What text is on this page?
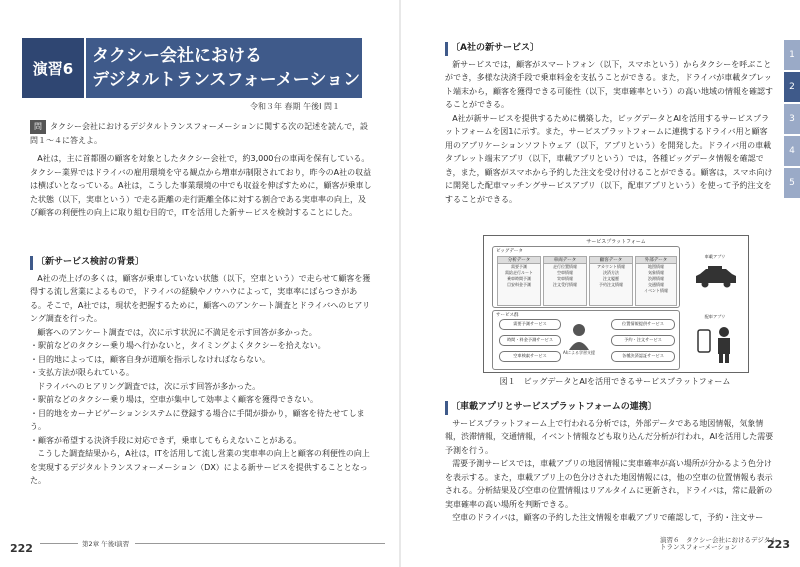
演習6
タクシー会社における
デジタルトランスフォーメーション
令和３年 春期 午後Ⅰ 問１
問 タクシー会社におけるデジタルトランスフォーメーションに関する次の記述を読んで，設問１～４に答えよ。

A社は，主に首都圏の顧客を対象としたタクシー会社で，約3,000台の車両を保有している。タクシー業界ではドライバの雇用環境を守る観点から増車が制限されており，昨今のA社の収益は横ばいとなっている。A社は，こうした事業環境の中でも収益を伸ばすために，顧客が乗車した状態（以下，実車という）で走る距離の走行距離全体に対する割合である実車率の向上，及び顧客の利便性の向上に取り組む目的で，ITを活用した新サービスを検討することにした。

〔新サービス検討の背景〕

A社の売上げの多くは，顧客が乗車していない状態（以下，空車という）で走らせて顧客を獲得する流し営業によるもので，ドライバの経験やノウハウによって，実車率にばらつきがある。そこで，A社では，現状を把握するために，顧客へのアンケート調査とドライバへのヒアリング調査を行った。

顧客へのアンケート調査では，次に示す状況に不満足を示す回答が多かった。

・駅前などのタクシー乗り場へ行かないと，タイミングよくタクシーを拾えない。

・目的地によっては，顧客自身が道順を指示しなければならない。

・支払方法が限られている。

ドライバへのヒアリング調査では，次に示す回答が多かった。

・駅前などのタクシー乗り場は，空車が集中して効率よく顧客を獲得できない。

・目的地をカーナビゲーションシステムに登録する場合に手間が掛かり，顧客を待たせてしまう。

・顧客が希望する決済手段に対応できず，乗車してもらえないことがある。

こうした調査結果から，A社は，ITを活用して流し営業の実車率の向上と顧客の利便性の向上を実現するデジタルトランスフォーメーション（DX）による新サービスを提供することとなった。

222	第2章 午後Ⅰ演習
〔A社の新サービス〕

新サービスでは，顧客がスマートフォン（以下，スマホという）からタクシーを呼ぶことができ，多様な決済手段で乗車料金を支払うことができる。また，ドライバが車載タブレット端末から，顧客を獲得できる可能性（以下，実車確率という）の高い地域の情報を確認することができる。

A社が新サービスを提供するために構築した，ビッグデータとAIを活用するサービスプラットフォームを図1に示す。また，サービスプラットフォームに連携するドライバ用と顧客用のアプリケーションソフトウェア（以下，アプリという）を開発した。ドライバ用の車載タブレット端末アプリ（以下，車載アプリという）では，各種ビッグデータ情報を確認でき，また，顧客がスマホから予約した注文を受け付けることができる。顧客は，スマホ向けに開発した配車マッチングサービスアプリ（以下，配車アプリという）を使って予約注文をすることができる。

サービスプラットフォーム
ビッグデータ
分析データ
需要予測
需給走行ルート
乗車時間予測
目安料金予測
車両データ
走行位置情報
空車情報
実車情報
注文受付情報
顧客データ
アカウント情報
決済方法
注文履歴
予約注文情報
外部データ
地図情報
気象情報
渋滞情報
交通情報
イベント情報
サービス群
需要予測サービス
時間・料金予測サービス
空車検索サービス
位置情報提供サービス
予約・注文サービス
各種決済認証サービス
AIによる学習支援
車載アプリ
配車アプリ
図１　ビッグデータとAIを活用できるサービスプラットフォーム
〔車載アプリとサービスプラットフォームの連携〕

サービスプラットフォーム上で行われる分析では，外部データである地図情報，気象情報，渋滞情報，交通情報，イベント情報なども取り込んだ分析が行われ，AIを活用した需要予測を行う。

需要予測サービスでは，車載アプリの地図情報に実車確率が高い場所が分かるよう色分けを表示する。また，車載アプリ上の色分けされた地図情報には，他の空車の位置情報も表示される。分析結果及び空車の位置情報はリアルタイムに更新され，ドライバは，常に最新の実車確率の高い場所を判断できる。

空車のドライバは，顧客の予約した注文情報を車載アプリで確認して，予約・注文サー

演習６　タクシー会社におけるデジタル
トランスフォーメーション	223
1
2
3
4
5
